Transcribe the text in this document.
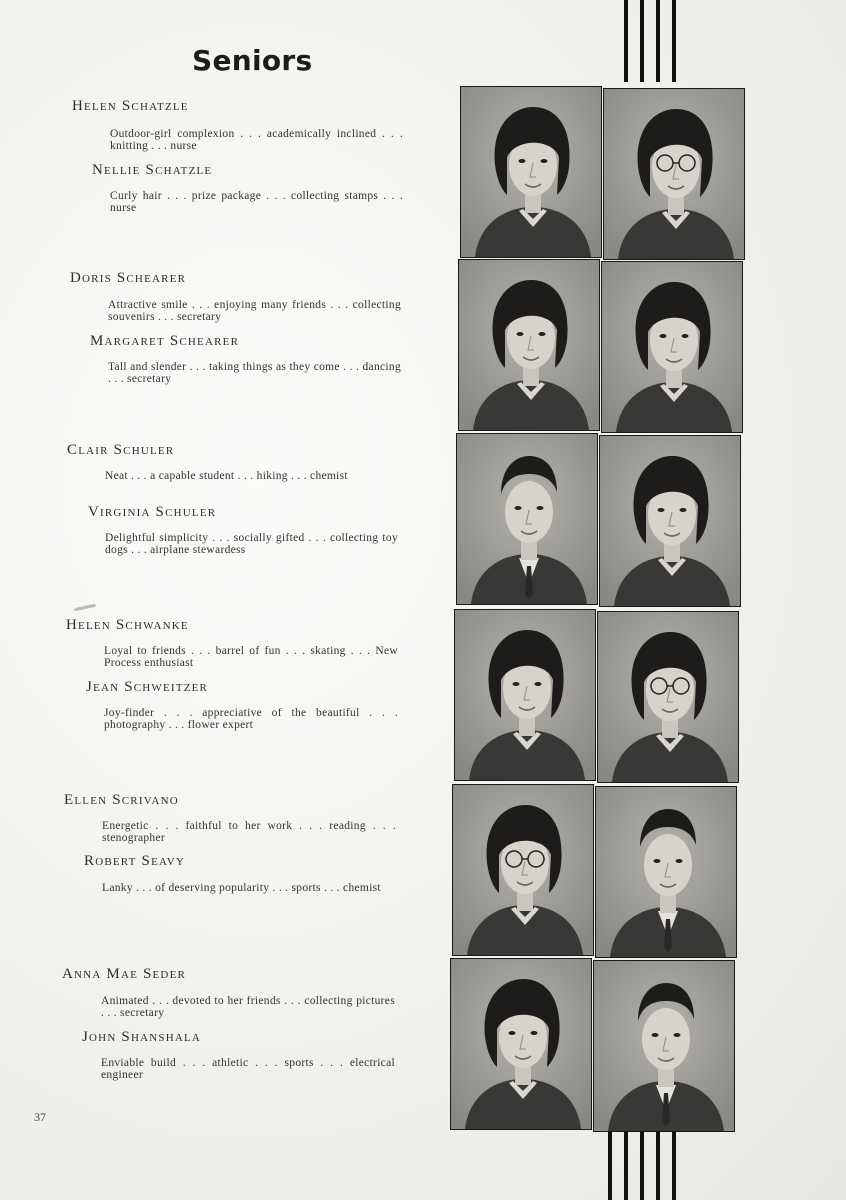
Seniors
Helen Schatzle
Outdoor-girl complexion . . . academically inclined . . . knitting . . . nurse
Nellie Schatzle
Curly hair . . . prize package . . . collecting stamps . . . nurse
Doris Schearer
Attractive smile . . . enjoying many friends . . . collecting souvenirs . . . secretary
Margaret Schearer
Tall and slender . . . taking things as they come . . . dancing . . . secretary
Clair Schuler
Neat . . . a capable student . . . hiking . . . chemist
Virginia Schuler
Delightful simplicity . . . socially gifted . . . collecting toy dogs . . . airplane stewardess
Helen Schwanke
Loyal to friends . . . barrel of fun . . . skating . . . New Process enthusiast
Jean Schweitzer
Joy-finder . . . appreciative of the beautiful . . . photography . . . flower expert
Ellen Scrivano
Energetic . . . faithful to her work . . . reading . . . stenographer
Robert Seavy
Lanky . . . of deserving popularity . . . sports . . . chemist
Anna Mae Seder
Animated . . . devoted to her friends . . . collecting pictures . . . secretary
John Shanshala
Enviable build . . . athletic . . . sports . . . electrical engineer
37
